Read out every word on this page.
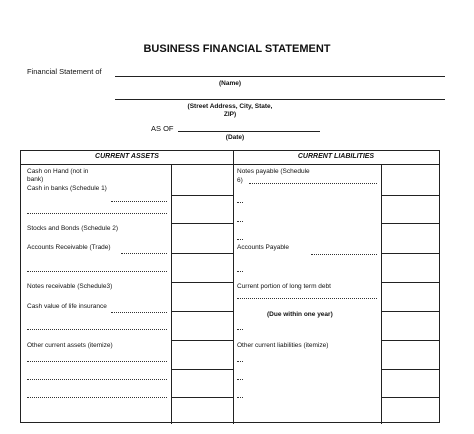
BUSINESS FINANCIAL STATEMENT
Financial Statement of
(Name)
(Street Address, City, State,
ZIP)
AS OF
(Date)
CURRENT ASSETS	CURRENT LIABILITIES
Cash on Hand (not in
bank)
Cash in banks (Schedule 1)
Stocks and Bonds (Schedule 2)
Accounts Receivable (Trade)
Notes receivable (Schedule3)
Cash value of life insurance
Other current assets (itemize)
Notes payable (Schedule
6)
Accounts Payable
Current portion of long term debt
(Due within one year)
Other current liabilities (itemize)
